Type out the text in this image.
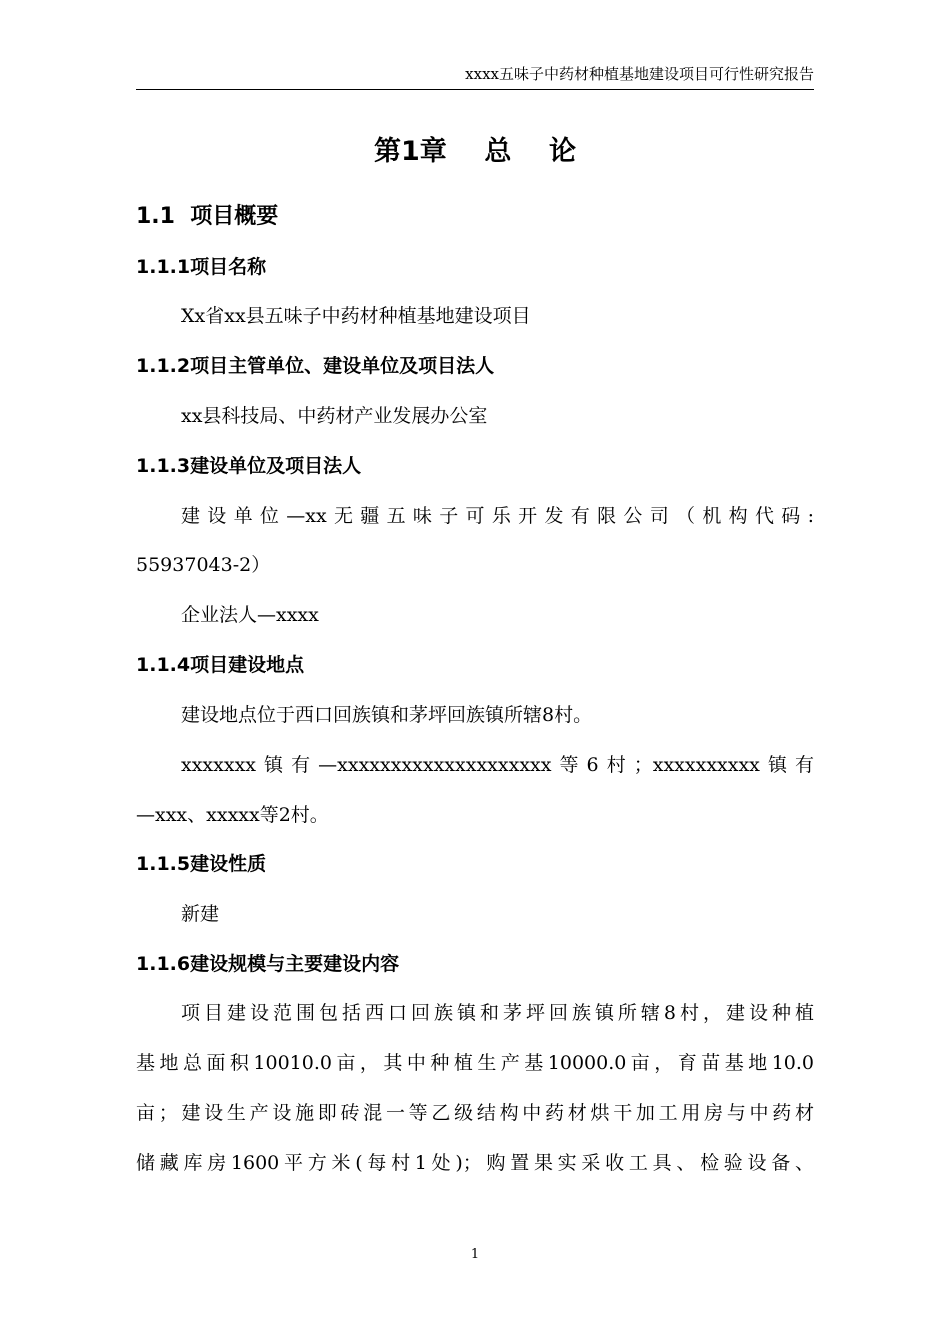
xxxx五味子中药材种植基地建设项目可行性研究报告
第1章    总    论
1.1  项目概要
1.1.1项目名称
Xx省xx县五味子中药材种植基地建设项目
1.1.2项目主管单位、建设单位及项目法人
xx县科技局、中药材产业发展办公室
1.1.3建设单位及项目法人
建设单位—xx无疆五味子可乐开发有限公司（机构代码:
55937043-2）
企业法人—xxxx
1.1.4项目建设地点
建设地点位于西口回族镇和茅坪回族镇所辖8村。
xxxxxxx镇有—xxxxxxxxxxxxxxxxxxxx等6村；xxxxxxxxxx镇有
—xxx、xxxxx等2村。
1.1.5建设性质
新建
1.1.6建设规模与主要建设内容
项目建设范围包括西口回族镇和茅坪回族镇所辖8村，建设种植
基地总面积10010.0亩，其中种植生产基10000.0亩，育苗基地10.0
亩；建设生产设施即砖混一等乙级结构中药材烘干加工用房与中药材
储藏库房1600平方米(每村1处)；购置果实采收工具、检验设备、
1
